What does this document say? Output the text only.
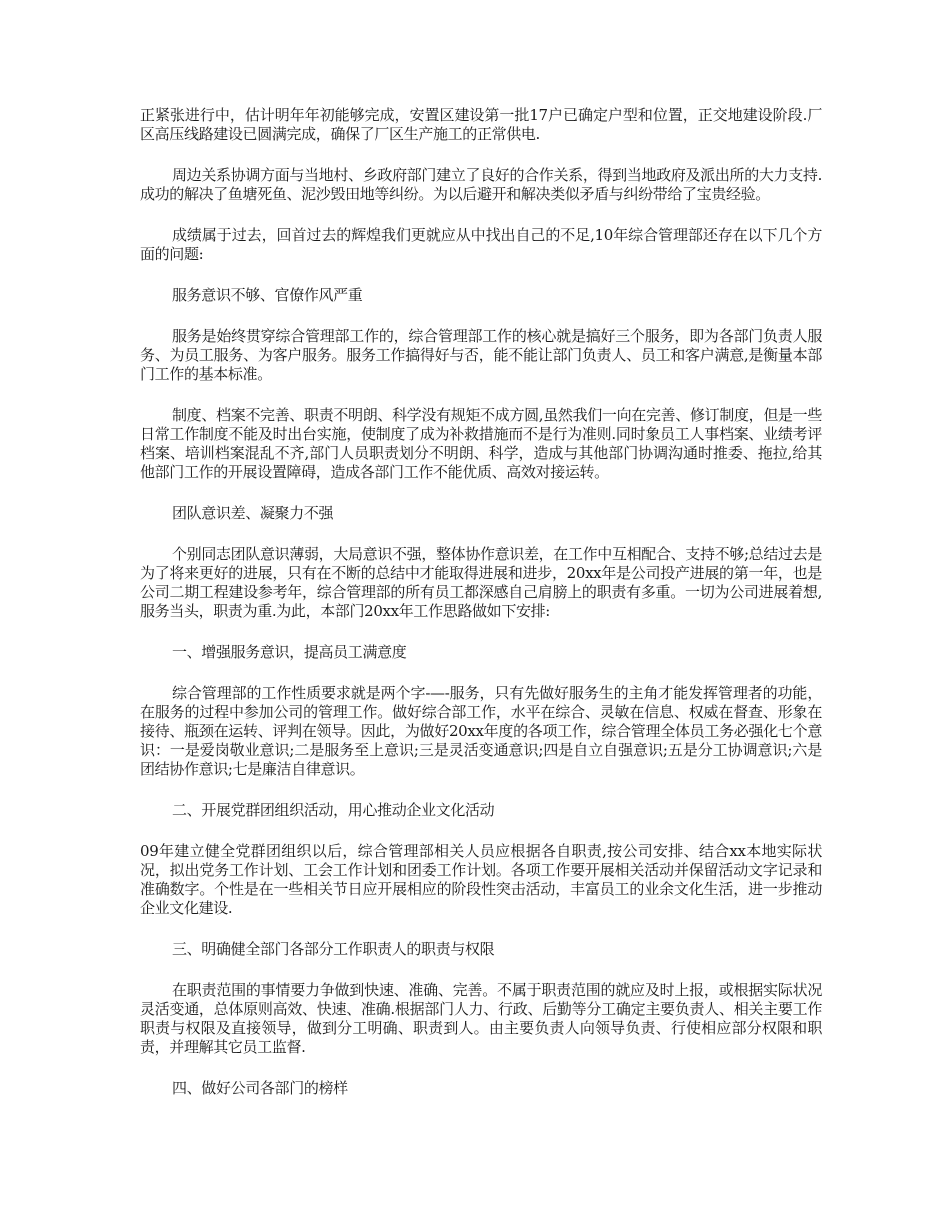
正紧张进行中，估计明年年初能够完成，安置区建设第一批17户已确定户型和位置，正交地建设阶段.厂区高压线路建设已圆满完成，确保了厂区生产施工的正常供电.

周边关系协调方面与当地村、乡政府部门建立了良好的合作关系，得到当地政府及派出所的大力支持.成功的解决了鱼塘死鱼、泥沙毁田地等纠纷。为以后避开和解决类似矛盾与纠纷带给了宝贵经验。

成绩属于过去，回首过去的辉煌我们更就应从中找出自己的不足,10年综合管理部还存在以下几个方面的问题:

服务意识不够、官僚作风严重

服务是始终贯穿综合管理部工作的，综合管理部工作的核心就是搞好三个服务，即为各部门负责人服务、为员工服务、为客户服务。服务工作搞得好与否，能不能让部门负责人、员工和客户满意,是衡量本部门工作的基本标准。

制度、档案不完善、职责不明朗、科学没有规矩不成方圆,虽然我们一向在完善、修订制度，但是一些日常工作制度不能及时出台实施，使制度了成为补救措施而不是行为准则.同时象员工人事档案、业绩考评档案、培训档案混乱不齐,部门人员职责划分不明朗、科学，造成与其他部门协调沟通时推委、拖拉,给其他部门工作的开展设置障碍，造成各部门工作不能优质、高效对接运转。

团队意识差、凝聚力不强

个别同志团队意识薄弱，大局意识不强，整体协作意识差，在工作中互相配合、支持不够;总结过去是为了将来更好的进展，只有在不断的总结中才能取得进展和进步，20xx年是公司投产进展的第一年，也是公司二期工程建设参考年，综合管理部的所有员工都深感自己肩膀上的职责有多重。一切为公司进展着想,服务当头，职责为重.为此，本部门20xx年工作思路做如下安排:

一、增强服务意识，提高员工满意度

综合管理部的工作性质要求就是两个字-—-服务，只有先做好服务生的主角才能发挥管理者的功能，在服务的过程中参加公司的管理工作。做好综合部工作，水平在综合、灵敏在信息、权威在督查、形象在接待、瓶颈在运转、评判在领导。因此，为做好20xx年度的各项工作，综合管理全体员工务必强化七个意识：一是爱岗敬业意识;二是服务至上意识;三是灵活变通意识;四是自立自强意识;五是分工协调意识;六是团结协作意识;七是廉洁自律意识。

二、开展党群团组织活动，用心推动企业文化活动

09年建立健全党群团组织以后，综合管理部相关人员应根据各自职责,按公司安排、结合xx本地实际状况，拟出党务工作计划、工会工作计划和团委工作计划。各项工作要开展相关活动并保留活动文字记录和准确数字。个性是在一些相关节日应开展相应的阶段性突击活动，丰富员工的业余文化生活，进一步推动企业文化建设.

三、明确健全部门各部分工作职责人的职责与权限

在职责范围的事情要力争做到快速、准确、完善。不属于职责范围的就应及时上报，或根据实际状况灵活变通，总体原则高效、快速、准确.根据部门人力、行政、后勤等分工确定主要负责人、相关主要工作职责与权限及直接领导，做到分工明确、职责到人。由主要负责人向领导负责、行使相应部分权限和职责，并理解其它员工监督.

四、做好公司各部门的榜样
